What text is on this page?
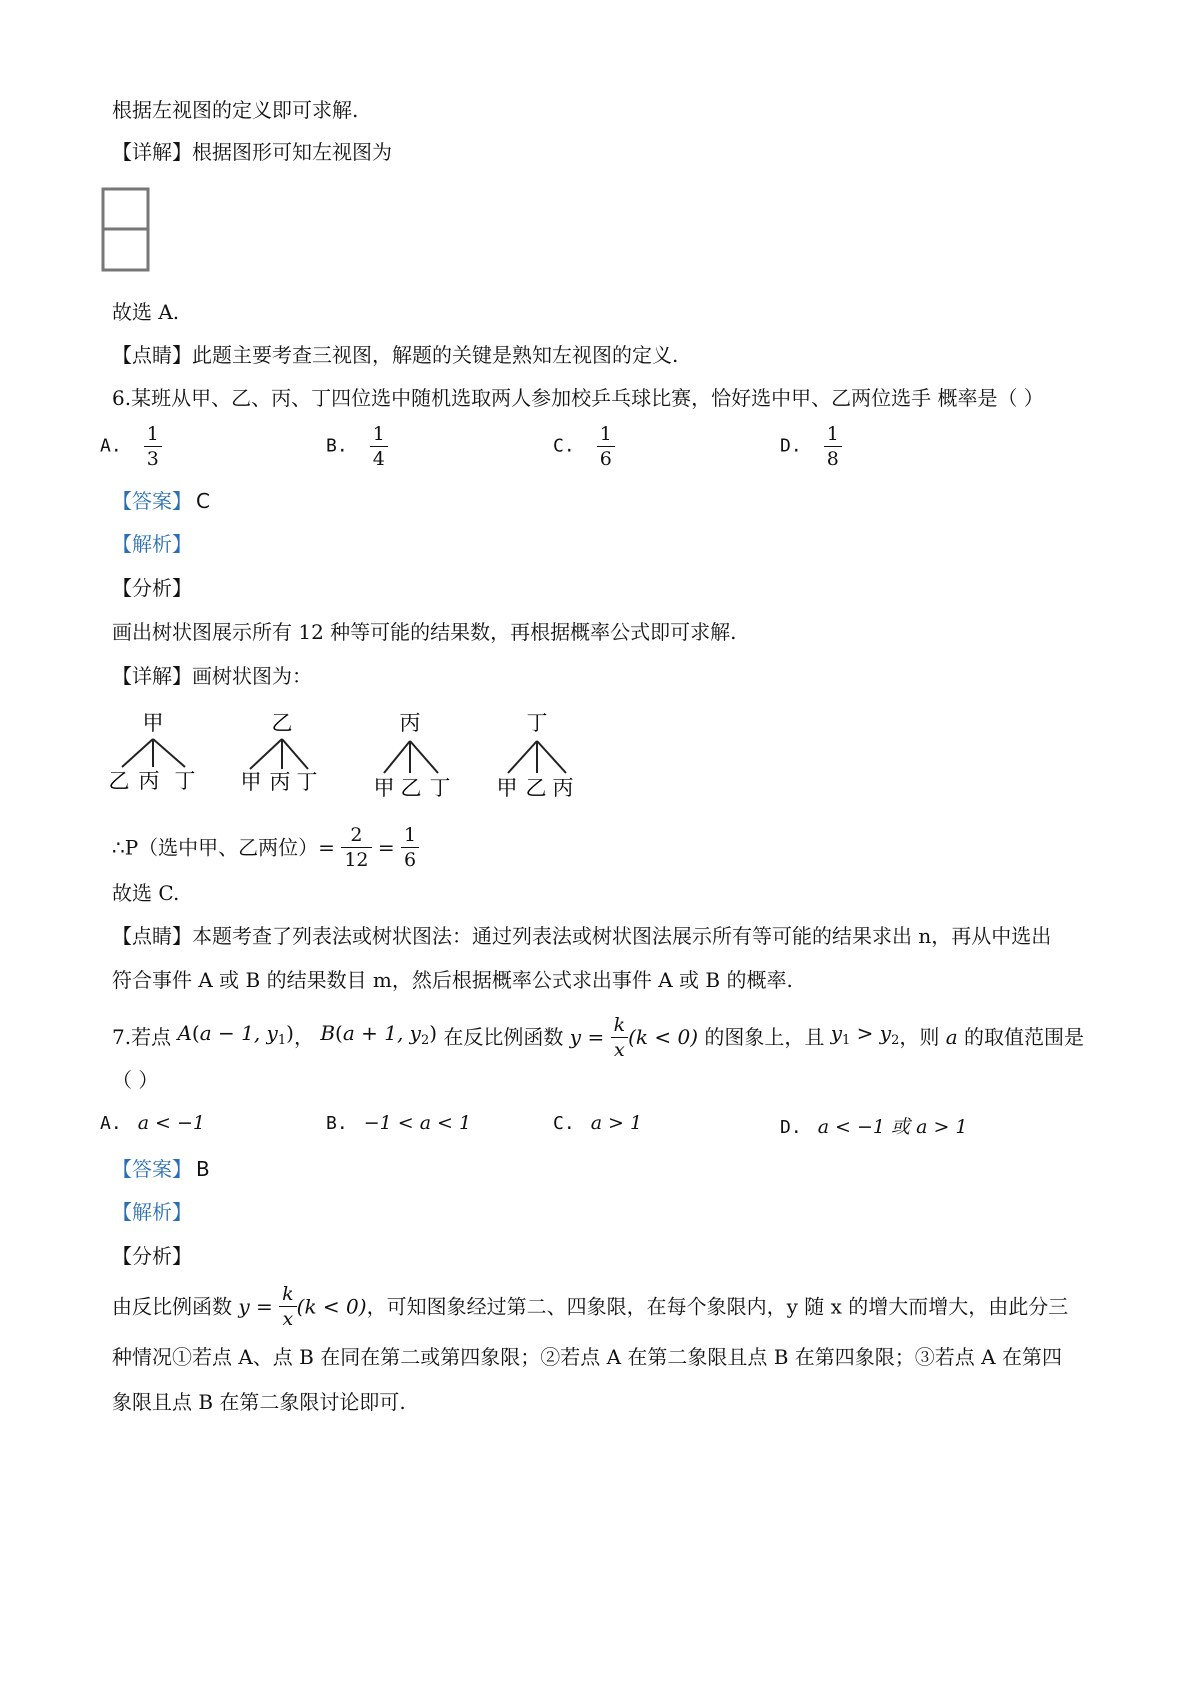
根据左视图的定义即可求解.
【详解】根据图形可知左视图为
故选 A.
【点睛】此题主要考查三视图，解题的关键是熟知左视图的定义.
6.某班从甲、乙、丙、丁四位选中随机选取两人参加校乒乓球比赛，恰好选中甲、乙两位选手 概率是（ ）
A. $\frac{1}{3}$	B. $\frac{1}{4}$	C. $\frac{1}{6}$	D. $\frac{1}{8}$
【答案】 C
【解析】
【分析】
画出树状图展示所有 12 种等可能的结果数，再根据概率公式即可求解.
【详解】画树状图为：
甲
乙 丙 丁
乙
甲 丙 丁
丙
甲 乙 丁
丁
甲 乙 丙
∴P（选中甲、乙两位）= $\frac{2}{12} = \frac{1}{6}$
故选 C.
【点睛】本题考查了列表法或树状图法：通过列表法或树状图法展示所有等可能的结果求出 n，再从中选出
符合事件 A 或 B 的结果数目 m，然后根据概率公式求出事件 A 或 B 的概率.
7.若点 A(a − 1, $y_1$)， B(a + 1, $y_2$) 在反比例函数 $y = \frac{k}{x} (k < 0)$ 的图象上，且 $y_1 > y_2$，则 a 的取值范围是
（ ）
A. a < −1	B. −1 < a < 1	C. a > 1	D. a < −1 或 a > 1
【答案】 B
【解析】
【分析】
由反比例函数 $y = \frac{k}{x} (k < 0)$，可知图象经过第二、四象限，在每个象限内，y 随 x 的增大而增大，由此分三
种情况①若点 A、点 B 在同在第二或第四象限；②若点 A 在第二象限且点 B 在第四象限；③若点 A 在第四
象限且点 B 在第二象限讨论即可.
